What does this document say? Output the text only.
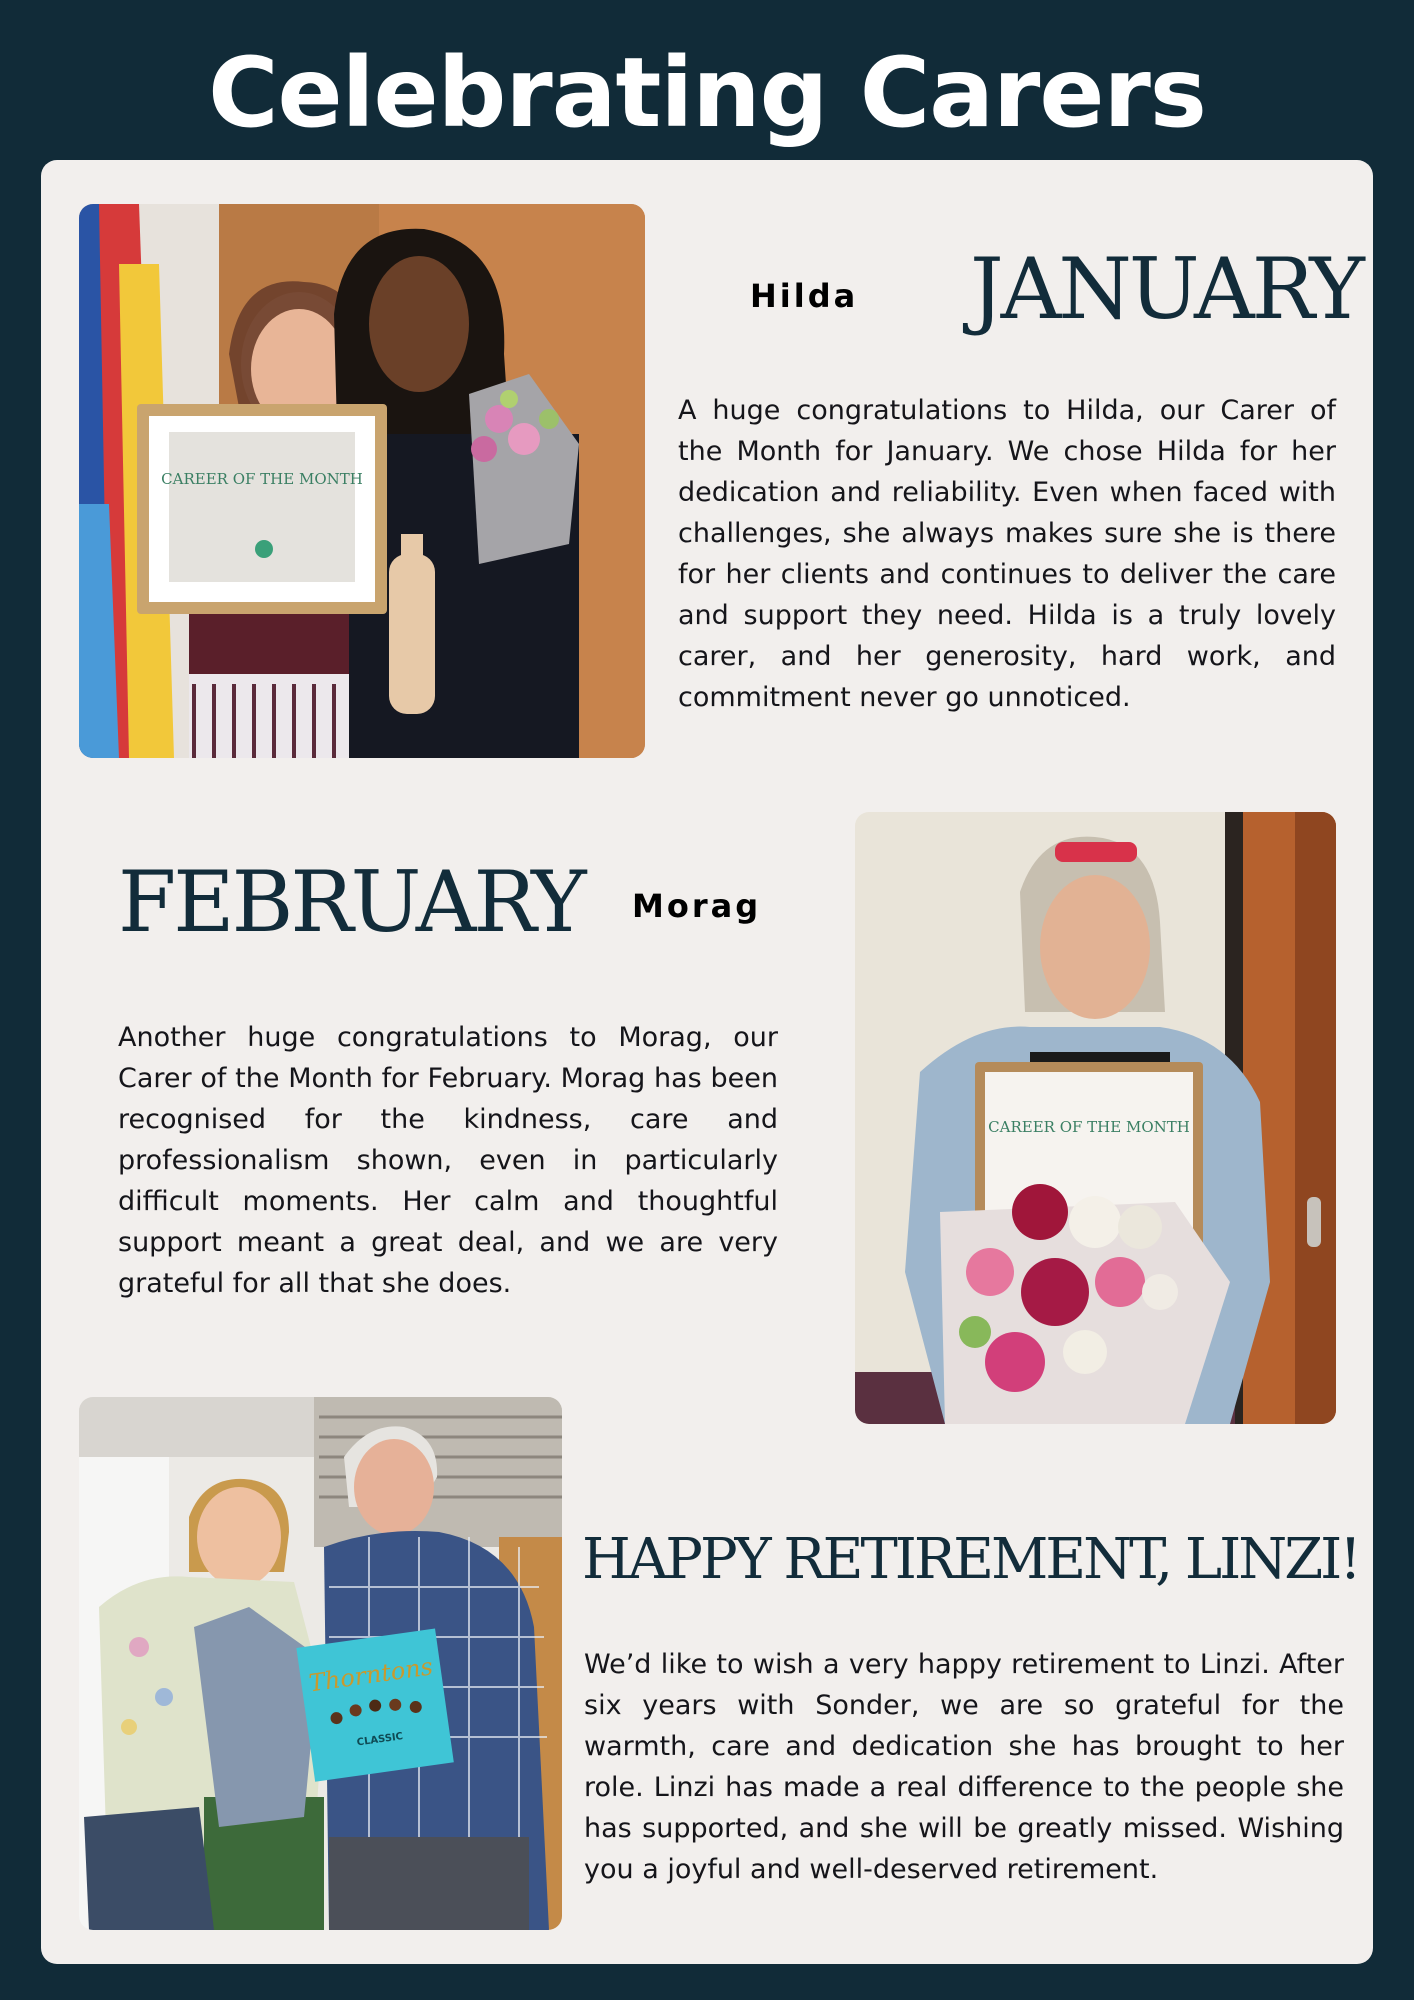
Celebrating Carers
CAREER OF THE MONTH
Hilda JANUARY
A huge congratulations to Hilda, our Carer of the Month for January. We chose Hilda for her dedication and reliability. Even when faced with challenges, she always makes sure she is there for her clients and continues to deliver the care and support they need. Hilda is a truly lovely carer, and her generosity, hard work, and commitment never go unnoticed.
FEBRUARY Morag
Another huge congratulations to Morag, our Carer of the Month for February. Morag has been recognised for the kindness, care and professionalism shown, even in particularly difficult moments. Her calm and thoughtful support meant a great deal, and we are very grateful for all that she does.
CAREER OF THE MONTH
Thorntons
CLASSIC
HAPPY RETIREMENT, LINZI!
We’d like to wish a very happy retirement to Linzi. After six years with Sonder, we are so grateful for the warmth, care and dedication she has brought to her role. Linzi has made a real difference to the people she has supported, and she will be greatly missed. Wishing you a joyful and well-deserved retirement.
